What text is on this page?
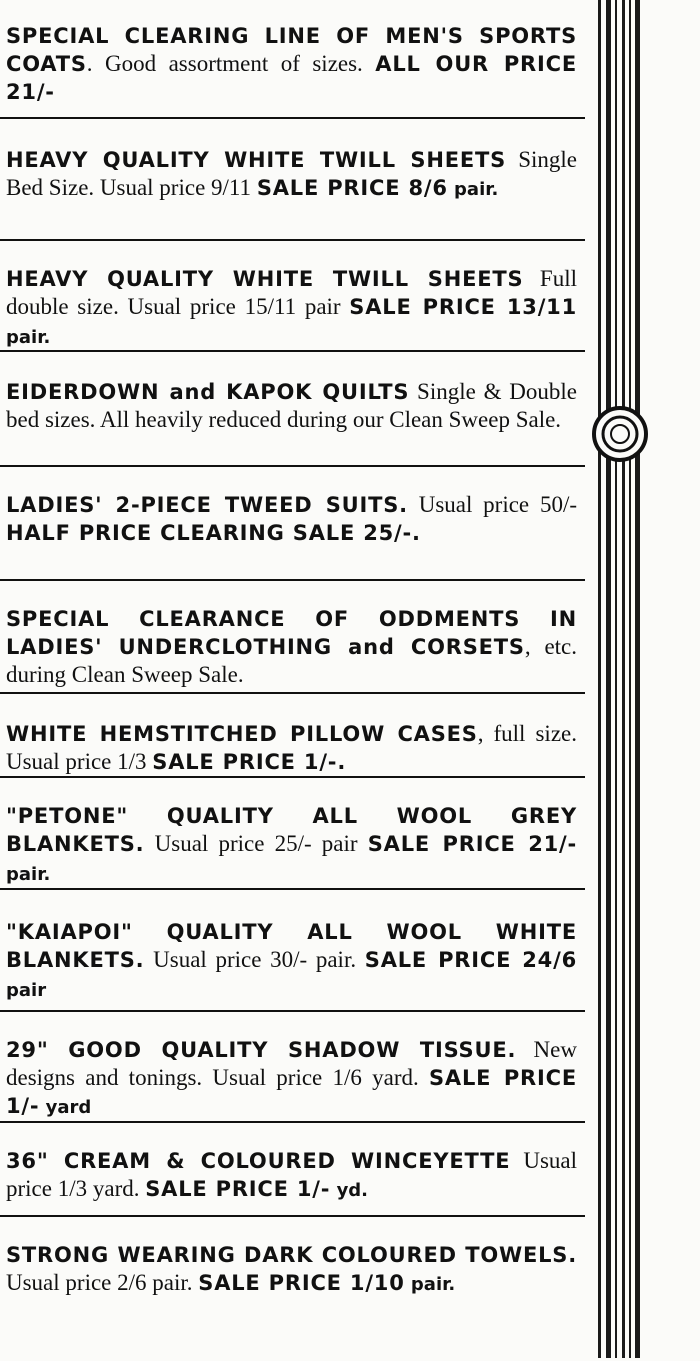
SPECIAL CLEARING LINE OF MEN'S SPORTS COATS. Good assortment of sizes. ALL OUR PRICE 21/-
HEAVY QUALITY WHITE TWILL SHEETS Single Bed Size. Usual price 9/11 SALE PRICE 8/6 pair.
HEAVY QUALITY WHITE TWILL SHEETS Full double size. Usual price 15/11 pair SALE PRICE 13/11 pair.
EIDERDOWN and KAPOK QUILTS Single & Double bed sizes. All heavily reduced during our Clean Sweep Sale.
LADIES' 2-PIECE TWEED SUITS. Usual price 50/- HALF PRICE CLEARING SALE 25/-.
SPECIAL CLEARANCE OF ODDMENTS IN LADIES' UNDERCLOTHING and CORSETS, etc. during Clean Sweep Sale.
WHITE HEMSTITCHED PILLOW CASES, full size. Usual price 1/3 SALE PRICE 1/-.
"PETONE" QUALITY ALL WOOL GREY BLANKETS. Usual price 25/- pair SALE PRICE 21/- pair.
"KAIAPOI" QUALITY ALL WOOL WHITE BLANKETS. Usual price 30/- pair. SALE PRICE 24/6 pair
29" GOOD QUALITY SHADOW TISSUE. New designs and tonings. Usual price 1/6 yard. SALE PRICE 1/- yard
36" CREAM & COLOURED WINCEYETTE Usual price 1/3 yard. SALE PRICE 1/- yd.
STRONG WEARING DARK COLOURED TOWELS. Usual price 2/6 pair. SALE PRICE 1/10 pair.
